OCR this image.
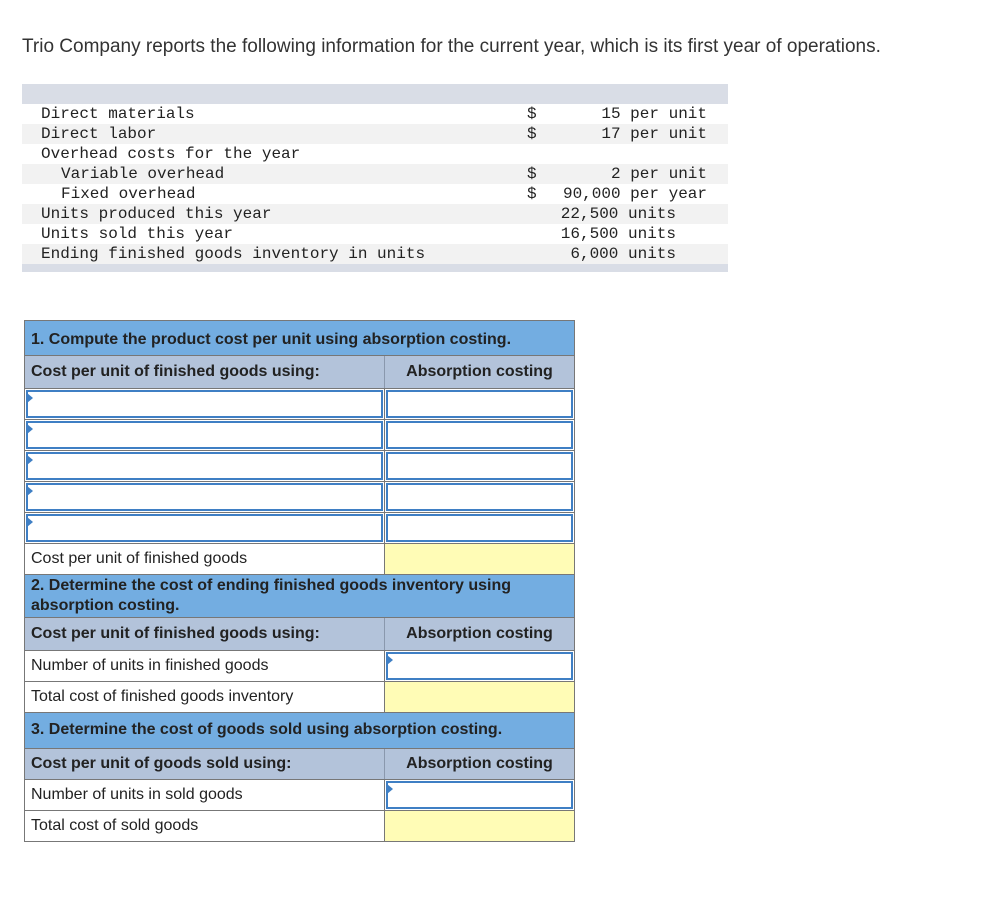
Trio Company reports the following information for the current year, which is its first year of operations.
Direct materials	$	15 per unit
Direct labor	$	17 per unit
Overhead costs for the year
Variable overhead	$	2 per unit
Fixed overhead	$ 90,000 per year
Units produced this year	22,500 units
Units sold this year	16,500 units
Ending finished goods inventory in units	6,000 units
1. Compute the product cost per unit using absorption costing.
Cost per unit of finished goods using:	Absorption costing
Cost per unit of finished goods
2. Determine the cost of ending finished goods inventory using absorption costing.
Cost per unit of finished goods using:	Absorption costing
Number of units in finished goods
Total cost of finished goods inventory
3. Determine the cost of goods sold using absorption costing.
Cost per unit of goods sold using:	Absorption costing
Number of units in sold goods
Total cost of sold goods
